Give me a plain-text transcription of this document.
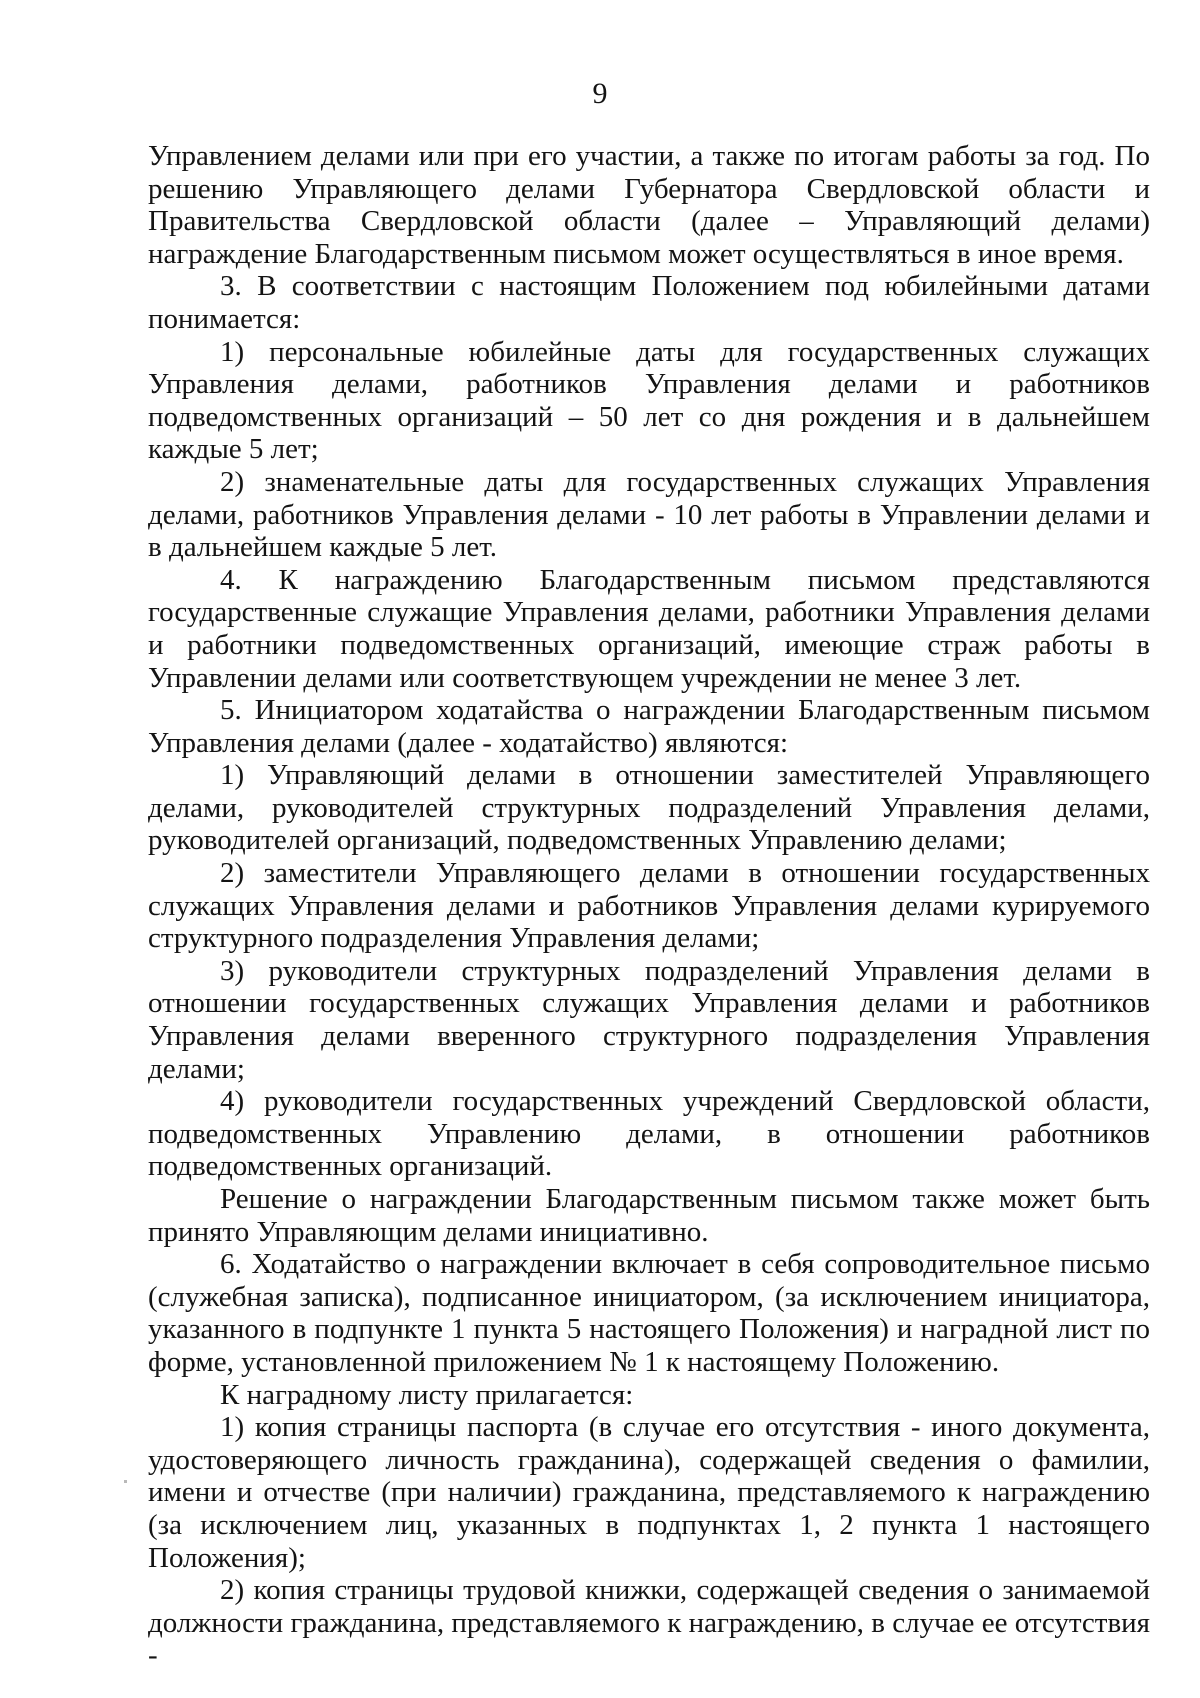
9

Управлением делами или при его участии, а также по итогам работы за год. По решению Управляющего делами Губернатора Свердловской области и Правительства Свердловской области (далее – Управляющий делами) награждение Благодарственным письмом может осуществляться в иное время.

3. В соответствии с настоящим Положением под юбилейными датами понимается:

1) персональные юбилейные даты для государственных служащих Управления делами, работников Управления делами и работников подведомственных организаций – 50 лет со дня рождения и в дальнейшем каждые 5 лет;

2) знаменательные даты для государственных служащих Управления делами, работников Управления делами - 10 лет работы в Управлении делами и в дальнейшем каждые 5 лет.

4. К награждению Благодарственным письмом представляются государственные служащие Управления делами, работники Управления делами и работники подведомственных организаций, имеющие страж работы в Управлении делами или соответствующем учреждении не менее 3 лет.

5. Инициатором ходатайства о награждении Благодарственным письмом Управления делами (далее - ходатайство) являются:

1) Управляющий делами в отношении заместителей Управляющего делами, руководителей структурных подразделений Управления делами, руководителей организаций, подведомственных Управлению делами;

2) заместители Управляющего делами в отношении государственных служащих Управления делами и работников Управления делами курируемого структурного подразделения Управления делами;

3) руководители структурных подразделений Управления делами в отношении государственных служащих Управления делами и работников Управления делами вверенного структурного подразделения Управления делами;

4) руководители государственных учреждений Свердловской области, подведомственных Управлению делами, в отношении работников подведомственных организаций.

Решение о награждении Благодарственным письмом также может быть принято Управляющим делами инициативно.

6. Ходатайство о награждении включает в себя сопроводительное письмо (служебная записка), подписанное инициатором, (за исключением инициатора, указанного в подпункте 1 пункта 5 настоящего Положения) и наградной лист по форме, установленной приложением № 1 к настоящему Положению.

К наградному листу прилагается:

1) копия страницы паспорта (в случае его отсутствия - иного документа, удостоверяющего личность гражданина), содержащей сведения о фамилии, имени и отчестве (при наличии) гражданина, представляемого к награждению (за исключением лиц, указанных в подпунктах 1, 2 пункта 1 настоящего Положения);

2) копия страницы трудовой книжки, содержащей сведения о занимаемой должности гражданина, представляемого к награждению, в случае ее отсутствия -
